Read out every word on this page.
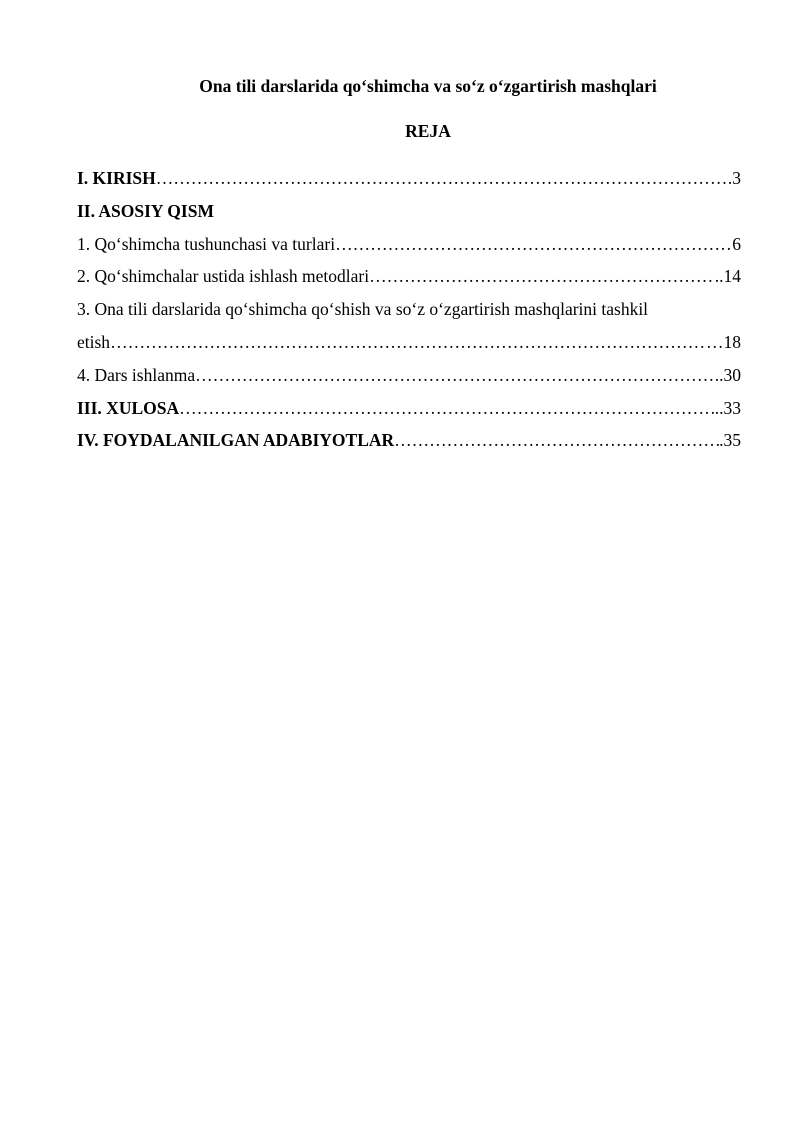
Ona tili darslarida qo‘shimcha va so‘z o‘zgartirish mashqlari

REJA

I. KIRISH …………………………………………………………………………………………………………………………………………………………	.3
II. ASOSIY QISM
1. Qo‘shimcha tushunchasi va turlari …………………………………………………………………………………………………………………………………………………………	6
2. Qo‘shimchalar ustida ishlash metodlari …………………………………………………………………………………………………………………………………………………………	..14
3. Ona tili darslarida qo‘shimcha qo‘shish va so‘z o‘zgartirish mashqlarini tashkil
etish …………………………………………………………………………………………………………………………………………………………	…18
4. Dars ishlanma …………………………………………………………………………………………………………………………………………………………	..30
III. XULOSA …………………………………………………………………………………………………………………………………………………………	..33
IV. FOYDALANILGAN ADABIYOTLAR …………………………………………………………………………………………………………………………………………………………	.35
